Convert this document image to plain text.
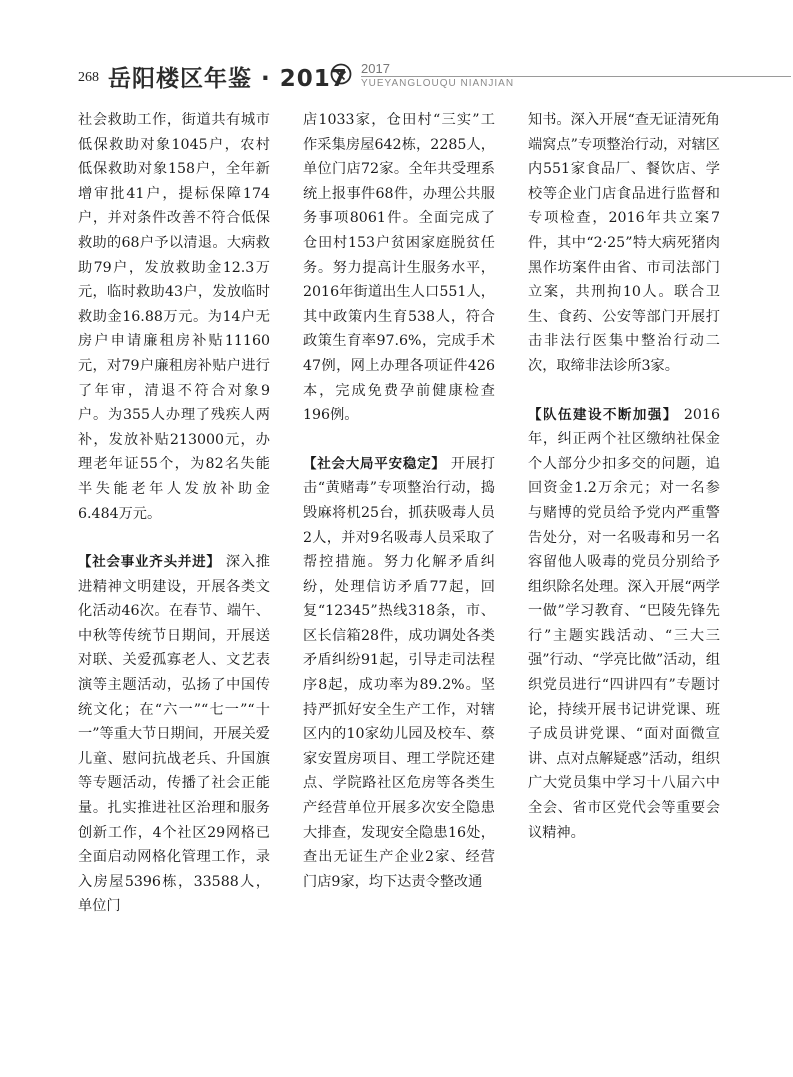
268 岳阳楼区年鉴 · 2017 2017
YUEYANGLOUQU NIANJIAN

社会救助工作，街道共有城市低保救助对象1045户，农村低保救助对象158户，全年新增审批41户，提标保障174户，并对条件改善不符合低保救助的68户予以清退。大病救助79户，发放救助金12.3万元，临时救助43户，发放临时救助金16.88万元。为14户无房户申请廉租房补贴11160元，对79户廉租房补贴户进行了年审，清退不符合对象9户。为355人办理了残疾人两补，发放补贴213000元，办理老年证55个，为82名失能半失能老年人发放补助金6.484万元。

【社会事业齐头并进】 深入推进精神文明建设，开展各类文化活动46次。在春节、端午、中秋等传统节日期间，开展送对联、关爱孤寡老人、文艺表演等主题活动，弘扬了中国传统文化；在“六一”“七一”“十一”等重大节日期间，开展关爱儿童、慰问抗战老兵、升国旗等专题活动，传播了社会正能量。扎实推进社区治理和服务创新工作，4个社区29网格已全面启动网格化管理工作，录入房屋5396栋，33588人，单位门

店1033家，仓田村“三实”工作采集房屋642栋，2285人，单位门店72家。全年共受理系统上报事件68件，办理公共服务事项8061件。全面完成了仓田村153户贫困家庭脱贫任务。努力提高计生服务水平，2016年街道出生人口551人，其中政策内生育538人，符合政策生育率97.6%，完成手术47例，网上办理各项证件426本，完成免费孕前健康检查196例。

【社会大局平安稳定】 开展打击“黄赌毒”专项整治行动，捣毁麻将机25台，抓获吸毒人员2人，并对9名吸毒人员采取了帮控措施。努力化解矛盾纠纷，处理信访矛盾77起，回复“12345”热线318条，市、区长信箱28件，成功调处各类矛盾纠纷91起，引导走司法程序8起，成功率为89.2%。坚持严抓好安全生产工作，对辖区内的10家幼儿园及校车、蔡家安置房项目、理工学院还建点、学院路社区危房等各类生产经营单位开展多次安全隐患大排查，发现安全隐患16处，查出无证生产企业2家、经营门店9家，均下达责令整改通

知书。深入开展“查无证清死角端窝点”专项整治行动，对辖区内551家食品厂、餐饮店、学校等企业门店食品进行监督和专项检查，2016年共立案7件，其中“2·25”特大病死猪肉黑作坊案件由省、市司法部门立案，共刑拘10人。联合卫生、食药、公安等部门开展打击非法行医集中整治行动二次，取缔非法诊所3家。

【队伍建设不断加强】 2016年，纠正两个社区缴纳社保金个人部分少扣多交的问题，追回资金1.2万余元；对一名参与赌博的党员给予党内严重警告处分，对一名吸毒和另一名容留他人吸毒的党员分别给予组织除名处理。深入开展“两学一做”学习教育、“巴陵先锋先行”主题实践活动、“三大三强”行动、“学亮比做”活动，组织党员进行“四讲四有”专题讨论，持续开展书记讲党课、班子成员讲党课、“面对面微宣讲、点对点解疑惑”活动，组织广大党员集中学习十八届六中全会、省市区党代会等重要会议精神。
